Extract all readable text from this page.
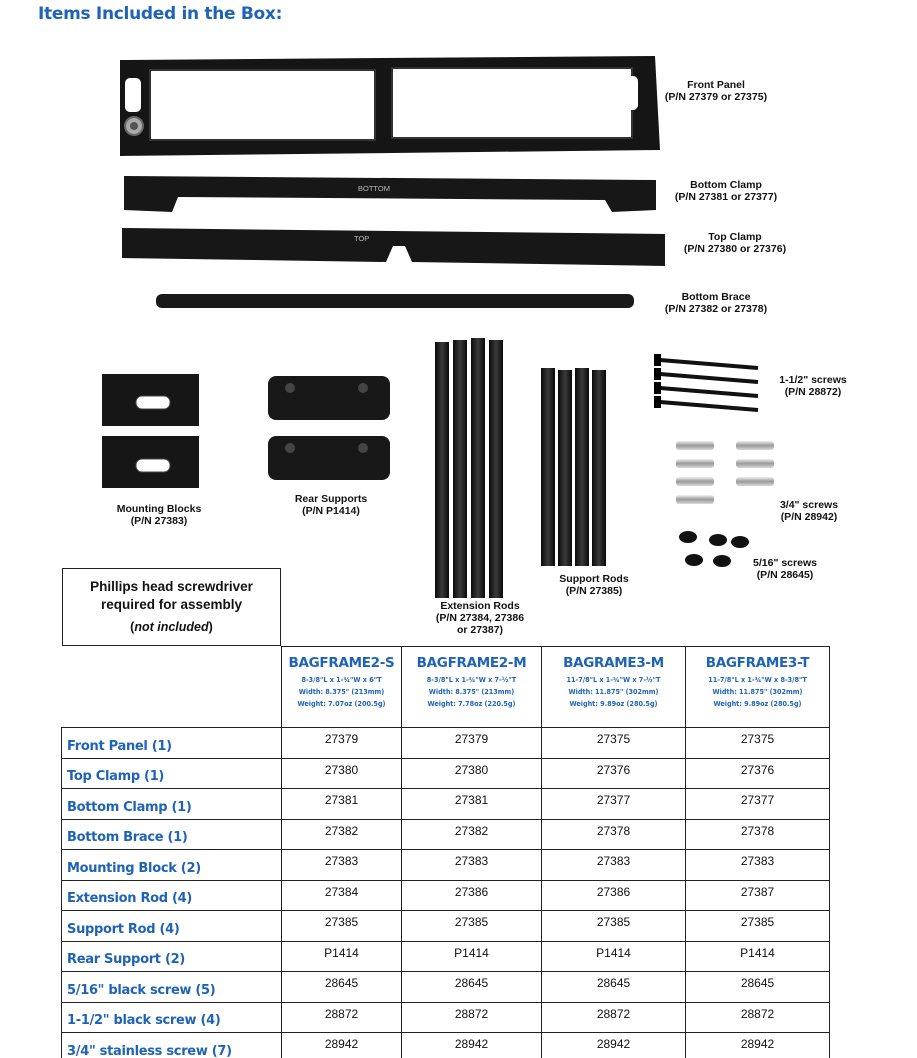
Items Included in the Box:
BOTTOM
TOP
Front Panel
(P/N 27379 or 27375)
Bottom Clamp
(P/N 27381 or 27377)
Top Clamp
(P/N 27380 or 27376)
Bottom Brace
(P/N 27382 or 27378)
1-1/2" screws
(P/N 28872)
Mounting Blocks
(P/N 27383)
Rear Supports
(P/N P1414)	3/4" screws
(P/N 28942)
5/16" screws
(P/N 28645)
Support Rods
(P/N 27385)
Extension Rods
(P/N 27384, 27386
or 27387)
Phillips head screwdriver
required for assembly
(not included)

	BAGFRAME2-S
8-3/8"L x 1-¾"W x 6"T
Width: 8.375" (213mm)
Weight: 7.07oz (200.5g)	BAGFRAME2-M
8-3/8"L x 1-¾"W x 7-½"T
Width: 8.375" (213mm)
Weight: 7.78oz (220.5g)	BAGRAME3-M
11-7/8"L x 1-¾"W x 7-½"T
Width: 11.875" (302mm)
Weight: 9.89oz (280.5g)	BAGFRAME3-T
11-7/8"L x 1-¾"W x 8-3/8"T
Width: 11.875" (302mm)
Weight: 9.89oz (280.5g)

Front Panel (1)	27379	27379	27375	27375
Top Clamp (1)	27380	27380	27376	27376
Bottom Clamp (1)	27381	27381	27377	27377
Bottom Brace (1)	27382	27382	27378	27378
Mounting Block (2)	27383	27383	27383	27383
Extension Rod (4)	27384	27386	27386	27387
Support Rod (4)	27385	27385	27385	27385
Rear Support (2)	P1414	P1414	P1414	P1414
5/16" black screw (5)	28645	28645	28645	28645
1-1/2" black screw (4)	28872	28872	28872	28872
3/4" stainless screw (7)	28942	28942	28942	28942
